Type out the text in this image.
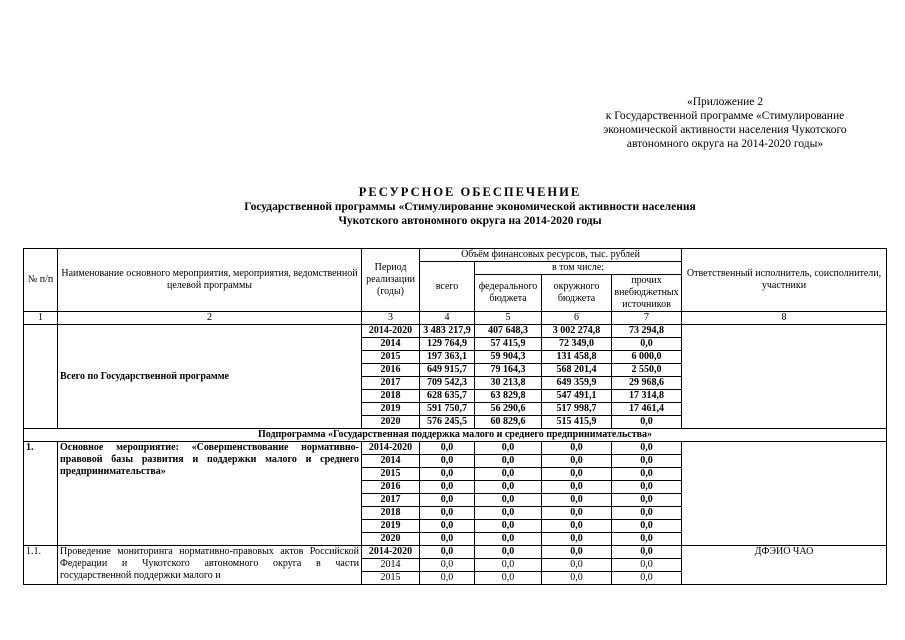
«Приложение 2
к Государственной программе «Стимулирование
экономической активности населения Чукотского
автономного округа на 2014-2020 годы»
РЕСУРСНОЕ ОБЕСПЕЧЕНИЕ
Государственной программы «Стимулирование экономической активности населения
Чукотского автономного округа на 2014-2020 годы
№ п/п	Наименование основного мероприятия, мероприятия, ведомственной целевой программы	Период реализации (годы)	Объём финансовых ресурсов, тыс. рублей				Ответственный исполнитель, соисполнители, участники
			всего	в том числе:			
				федерального бюджета	окружного бюджета	прочих внебюджетных источников	
1	2	3	4	5	6	7	8
	Всего по Государственной программе	2014-2020	3 483 217,9	407 648,3	3 002 274,8	73 294,8	
		2014	129 764,9	57 415,9	72 349,0	0,0	
		2015	197 363,1	59 904,3	131 458,8	6 000,0	
		2016	649 915,7	79 164,3	568 201,4	2 550,0	
		2017	709 542,3	30 213,8	649 359,9	29 968,6	
		2018	628 635,7	63 829,8	547 491,1	17 314,8	
		2019	591 750,7	56 290,6	517 998,7	17 461,4	
		2020	576 245,5	60 829,6	515 415,9	0,0	
Подпрограмма «Государственная поддержка малого и среднего предпринимательства»							
1.	Основное мероприятие: «Совершенствование нормативно-правовой базы развития и поддержки малого и среднего предпринимательства»	2014-2020	0,0	0,0	0,0	0,0	
		2014	0,0	0,0	0,0	0,0	
		2015	0,0	0,0	0,0	0,0	
		2016	0,0	0,0	0,0	0,0	
		2017	0,0	0,0	0,0	0,0	
		2018	0,0	0,0	0,0	0,0	
		2019	0,0	0,0	0,0	0,0	
		2020	0,0	0,0	0,0	0,0	
1.1.	Проведение мониторинга нормативно-правовых актов Российской Федерации и Чукотского автономного округа в части государственной поддержки малого и	2014-2020	0,0	0,0	0,0	0,0	ДФЭИО ЧАО
		2014	0,0	0,0	0,0	0,0	
		2015	0,0	0,0	0,0	0,0	
